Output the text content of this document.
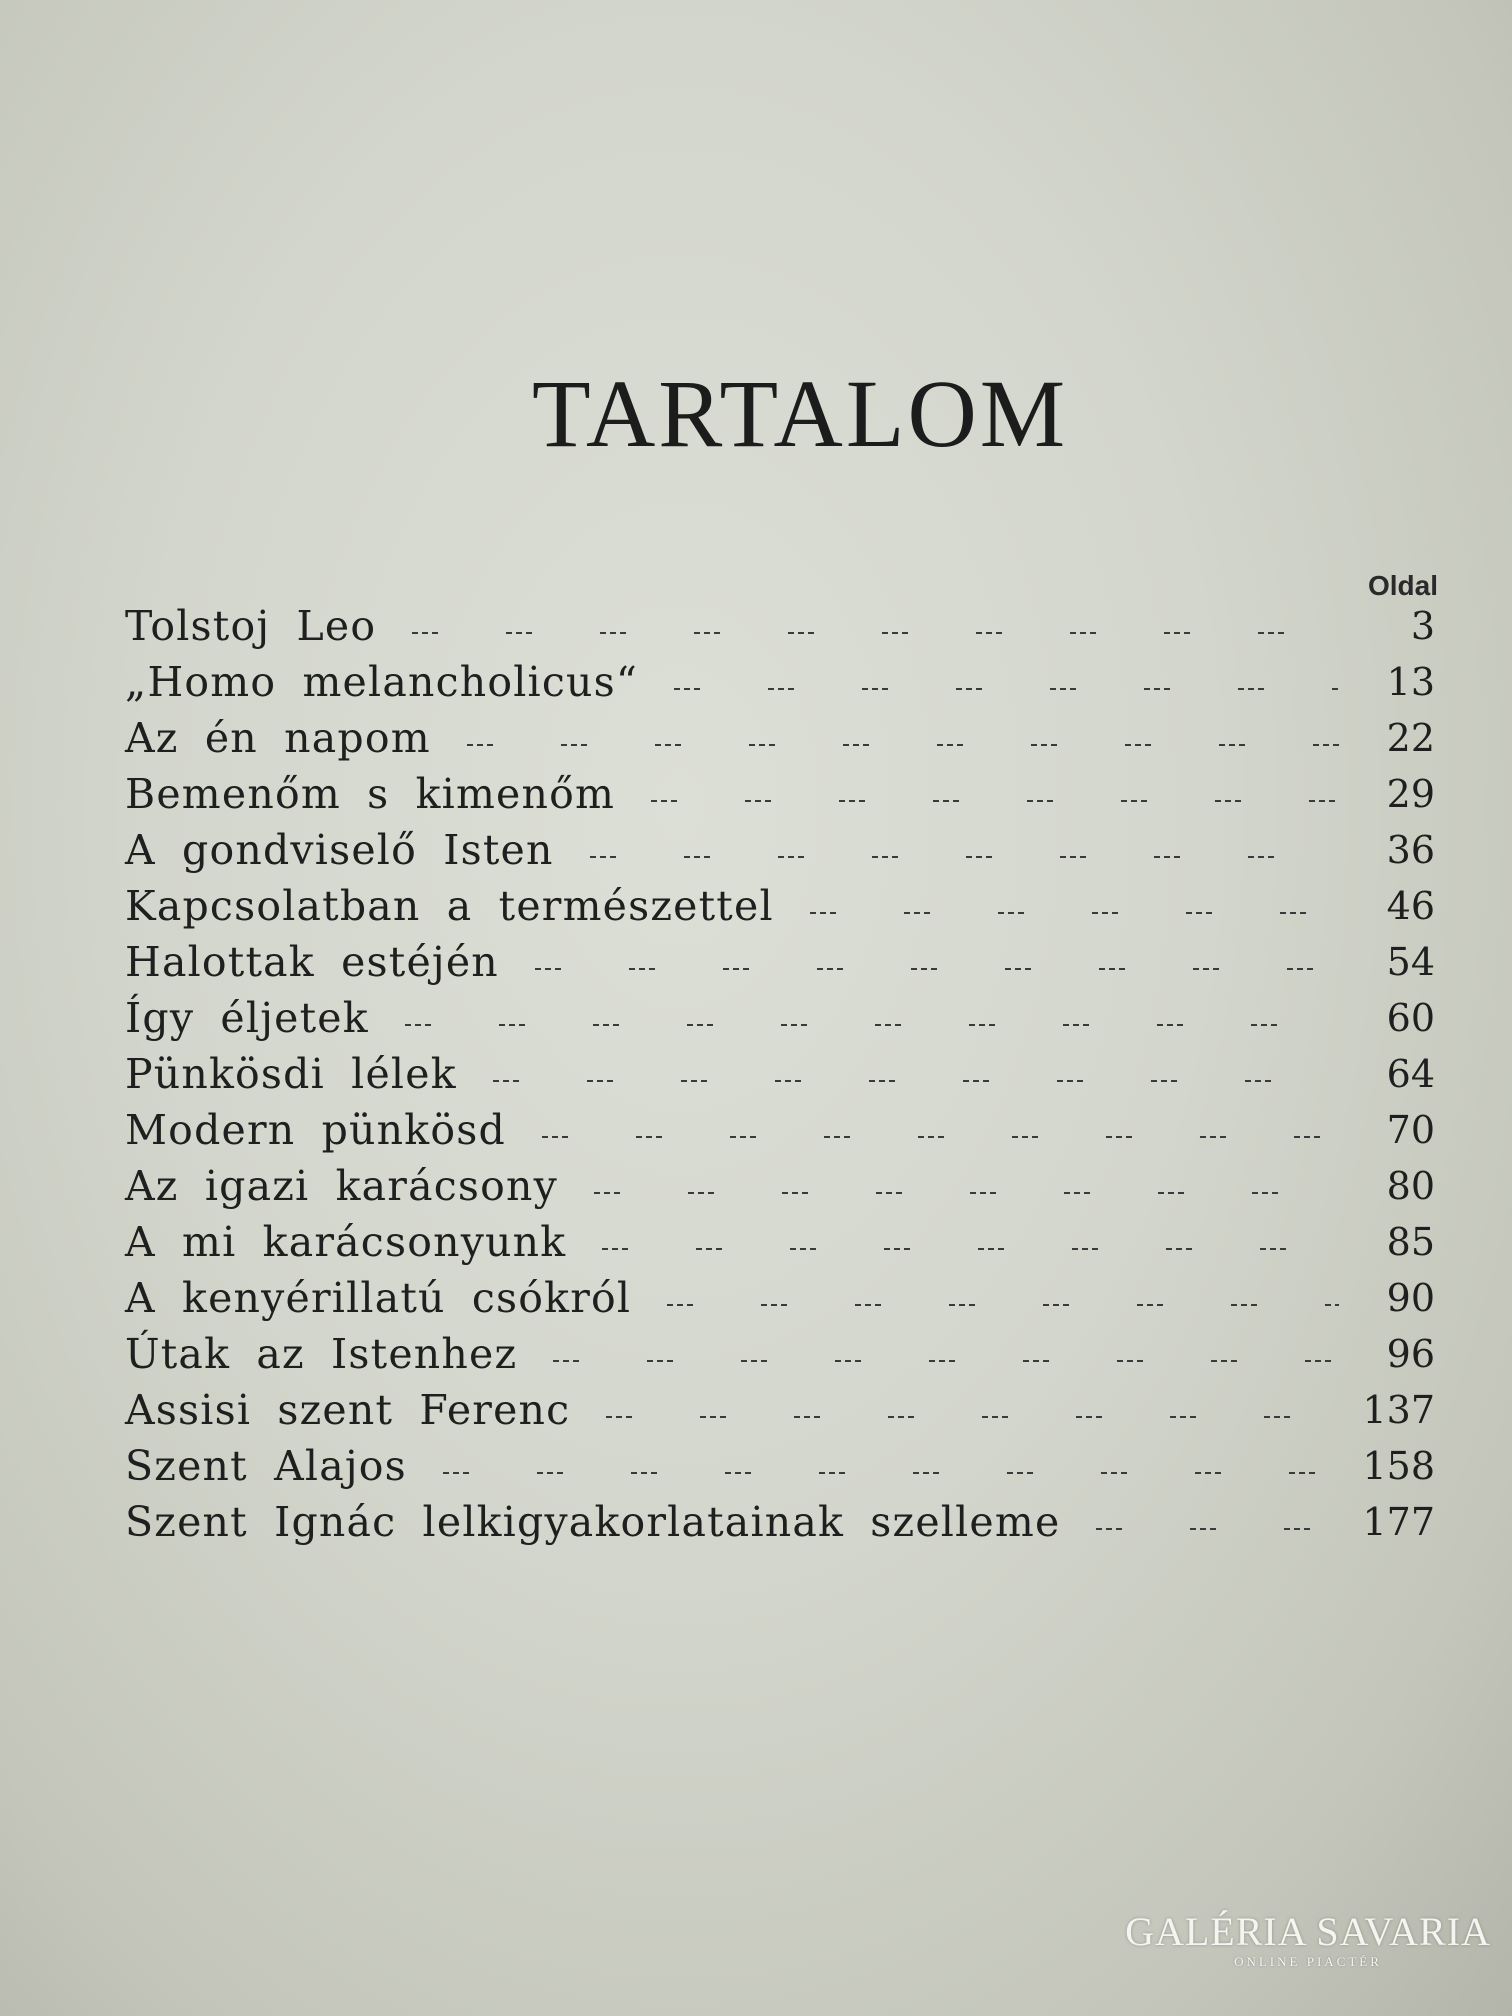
TARTALOM
Oldal
Tolstoj Leo	3
„Homo melancholicus“	13
Az én napom	22
Bemenőm s kimenőm	29
A gondviselő Isten	36
Kapcsolatban a természettel	46
Halottak estéjén	54
Így éljetek	60
Pünkösdi lélek	64
Modern pünkösd	70
Az igazi karácsony	80
A mi karácsonyunk	85
A kenyérillatú csókról	90
Útak az Istenhez	96
Assisi szent Ferenc	137
Szent Alajos	158
Szent Ignác lelkigyakorlatainak szelleme	177
GALÉRIA SAVARIA
ONLINE PIACTÉR
